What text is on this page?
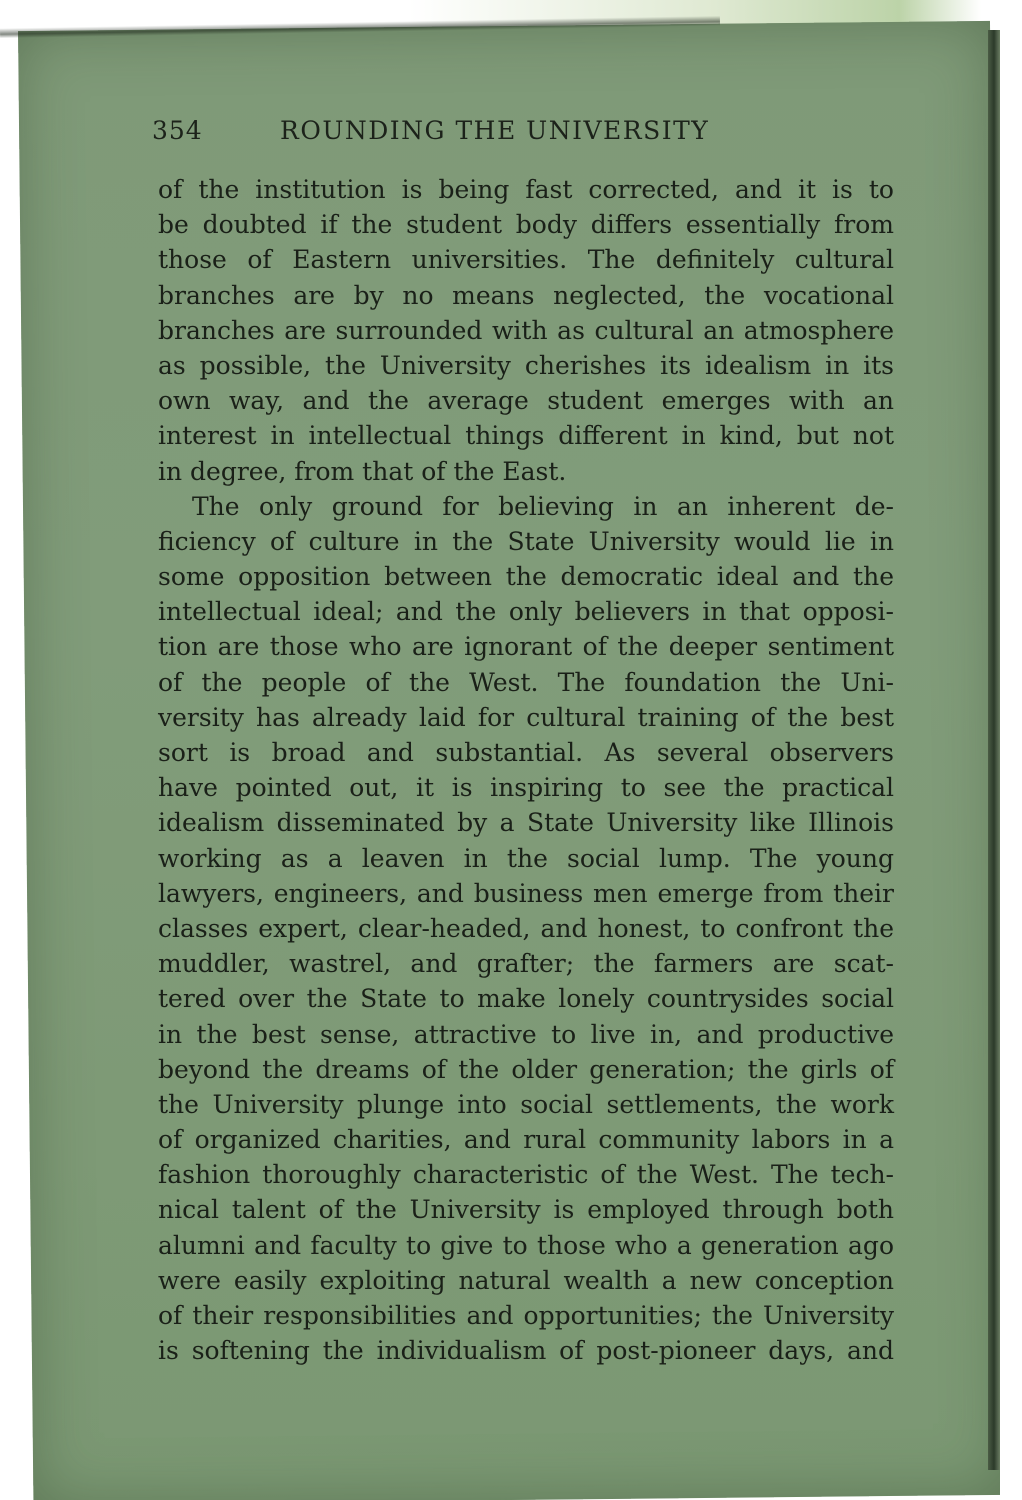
354	ROUNDING THE UNIVERSITY
of the institution is being fast corrected, and it is to
be doubted if the student body differs essentially from
those of Eastern universities. The definitely cultural
branches are by no means neglected, the vocational
branches are surrounded with as cultural an atmosphere
as possible, the University cherishes its idealism in its
own way, and the average student emerges with an
interest in intellectual things different in kind, but not
in degree, from that of the East.
The only ground for believing in an inherent de-
ficiency of culture in the State University would lie in
some opposition between the democratic ideal and the
intellectual ideal; and the only believers in that opposi-
tion are those who are ignorant of the deeper sentiment
of the people of the West. The foundation the Uni-
versity has already laid for cultural training of the best
sort is broad and substantial. As several observers
have pointed out, it is inspiring to see the practical
idealism disseminated by a State University like Illinois
working as a leaven in the social lump. The young
lawyers, engineers, and business men emerge from their
classes expert, clear-headed, and honest, to confront the
muddler, wastrel, and grafter; the farmers are scat-
tered over the State to make lonely countrysides social
in the best sense, attractive to live in, and productive
beyond the dreams of the older generation; the girls of
the University plunge into social settlements, the work
of organized charities, and rural community labors in a
fashion thoroughly characteristic of the West. The tech-
nical talent of the University is employed through both
alumni and faculty to give to those who a generation ago
were easily exploiting natural wealth a new conception
of their responsibilities and opportunities; the University
is softening the individualism of post-pioneer days, and
